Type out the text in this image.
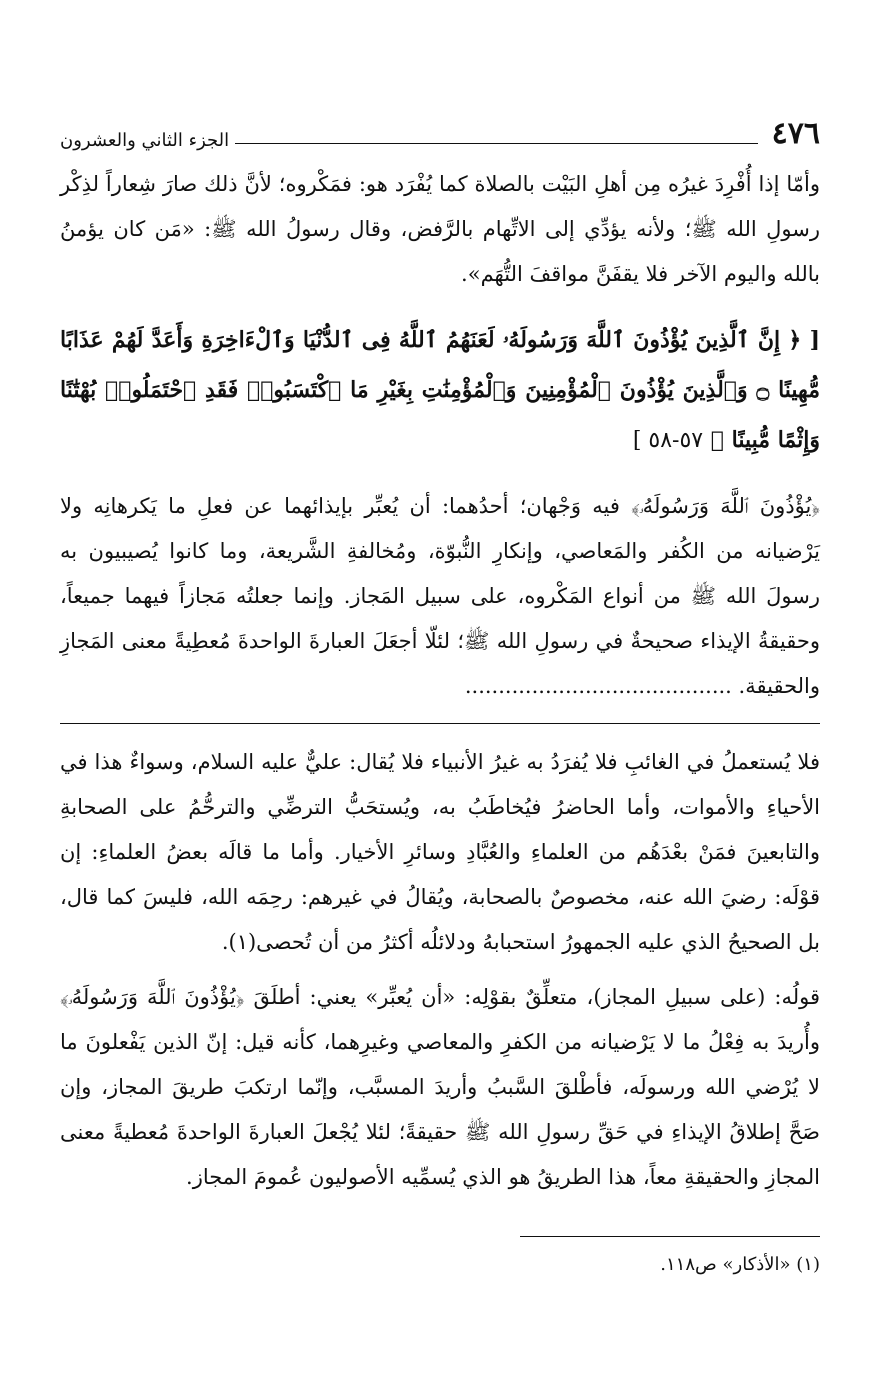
٤٧٦
الجزء الثاني والعشرون

وأمّا إذا أُفْرِدَ غيرُه مِن أهلِ البَيْت بالصلاة كما يُفْرَد هو: فمَكْروه؛ لأنَّ ذلك صارَ شِعاراً لذِكْر رسولِ الله ﷺ؛ ولأنه يؤدِّي إلى الاتِّهام بالرَّفض، وقال رسولُ الله ﷺ: «مَن كان يؤمنُ بالله واليوم الآخر فلا يقفَنَّ مواقفَ التُّهَم».

[ ﴿ إِنَّ ٱلَّذِينَ يُؤْذُونَ ٱللَّهَ وَرَسُولَهُۥ لَعَنَهُمُ ٱللَّهُ فِى ٱلدُّنْيَا وَٱلْءَاخِرَةِ وَأَعَدَّ لَهُمْ عَذَابًا مُّهِينًا ۝ وَٱلَّذِينَ يُؤْذُونَ ٱلْمُؤْمِنِينَ وَٱلْمُؤْمِنَٰتِ بِغَيْرِ مَا ٱكْتَسَبُوا۟ فَقَدِ ٱحْتَمَلُوا۟ بُهْتَٰنًا وَإِثْمًا مُّبِينًا ﴾ ٥٧-٥٨ ]

﴿يُؤْذُونَ ٱللَّهَ وَرَسُولَهُۥ﴾ فيه وَجْهان؛ أحدُهما: أن يُعبِّر بإيذائهما عن فعلِ ما يَكرهانِه ولا يَرْضيانه من الكُفر والمَعاصي، وإنكارِ النُّبوّة، ومُخالفةِ الشَّريعة، وما كانوا يُصيبيون به رسولَ الله ﷺ من أنواع المَكْروه، على سبيل المَجاز. وإنما جعلتُه مَجازاً فيهما جميعاً، وحقيقةُ الإيذاء صحيحةٌ في رسولِ الله ﷺ؛ لئلّا أجعَلَ العبارةَ الواحدةَ مُعطِيةً معنى المَجازِ والحقيقة. ........................................

فلا يُستعملُ في الغائبِ فلا يُفرَدُ به غيرُ الأنبياء فلا يُقال: عليٌّ عليه السلام، وسواءٌ هذا في الأحياءِ والأموات، وأما الحاضرُ فيُخاطَبُ به، ويُستحَبُّ الترضِّي والترحُّمُ على الصحابةِ والتابعينَ فمَنْ بعْدَهُم من العلماءِ والعُبَّادِ وسائرِ الأخيار. وأما ما قالَه بعضُ العلماءِ: إن قوْلَه: رضيَ الله عنه، مخصوصٌ بالصحابة، ويُقالُ في غيرهم: رحِمَه الله، فليسَ كما قال، بل الصحيحُ الذي عليه الجمهورُ استحبابهُ ودلائلُه أكثرُ من أن تُحصى(١).

قولُه: (على سبيلِ المجاز)، متعلِّقٌ بقوْلِه: «أن يُعبِّر» يعني: أطلَقَ ﴿يُؤْذُونَ ٱللَّهَ وَرَسُولَهُۥ﴾ وأُريدَ به فِعْلُ ما لا يَرْضيانه من الكفرِ والمعاصي وغيرِهما، كأنه قيل: إنّ الذين يَفْعلونَ ما لا يُرْضي الله ورسولَه، فأطْلقَ السَّببُ وأريدَ المسبَّب، وإنّما ارتكبَ طريقَ المجاز، وإن صَحَّ إطلاقُ الإيذاءِ في حَقِّ رسولِ الله ﷺ حقيقةً؛ لئلا يُجْعلَ العبارةَ الواحدةَ مُعطيةً معنى المجازِ والحقيقةِ معاً، هذا الطريقُ هو الذي يُسمِّيه الأصوليون عُمومَ المجاز.

(١) «الأذكار» ص١١٨.
